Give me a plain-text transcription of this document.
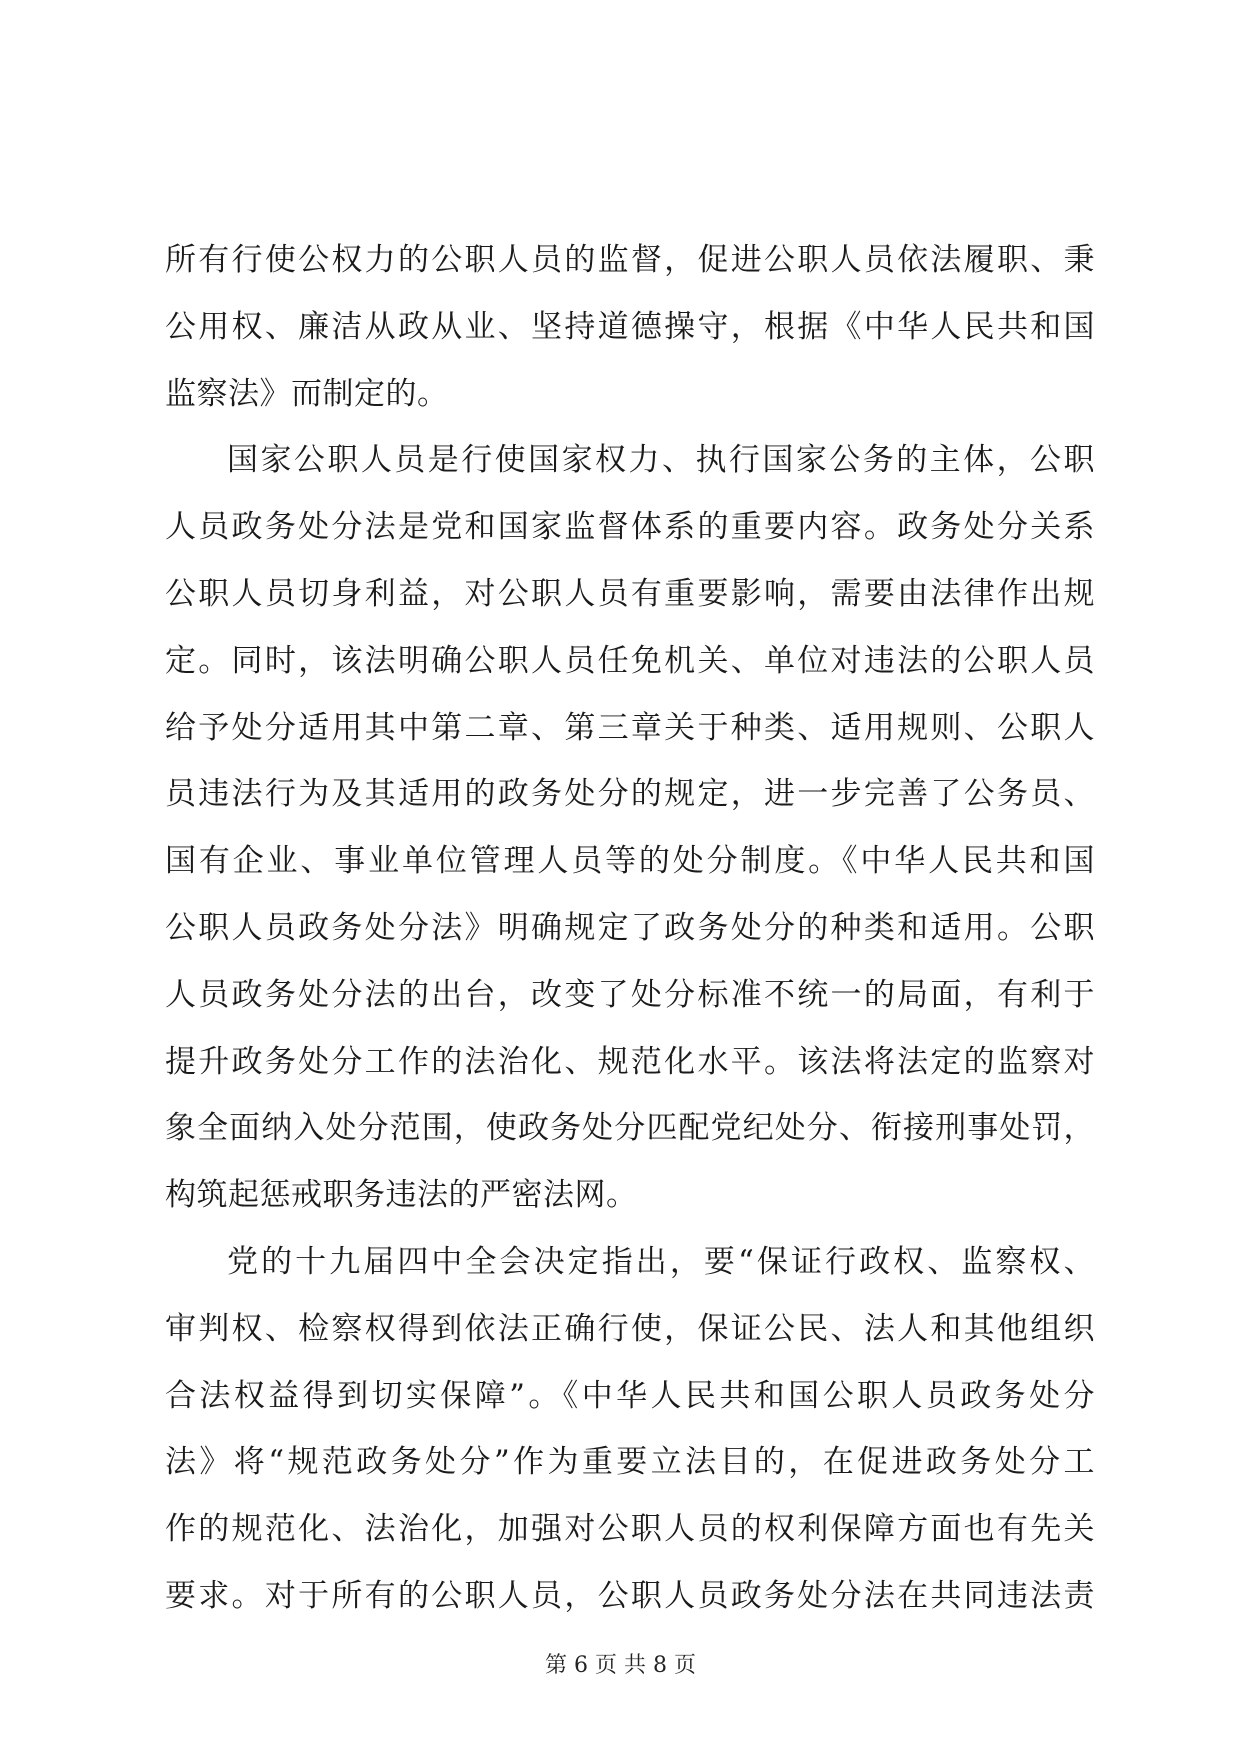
所有行使公权力的公职人员的监督，促进公职人员依法履职、秉
公用权、廉洁从政从业、坚持道德操守，根据《中华人民共和国
监察法》而制定的。
国家公职人员是行使国家权力、执行国家公务的主体，公职
人员政务处分法是党和国家监督体系的重要内容。政务处分关系
公职人员切身利益，对公职人员有重要影响，需要由法律作出规
定。同时，该法明确公职人员任免机关、单位对违法的公职人员
给予处分适用其中第二章、第三章关于种类、适用规则、公职人
员违法行为及其适用的政务处分的规定，进一步完善了公务员、
国有企业、事业单位管理人员等的处分制度。《中华人民共和国
公职人员政务处分法》明确规定了政务处分的种类和适用。公职
人员政务处分法的出台，改变了处分标准不统一的局面，有利于
提升政务处分工作的法治化、规范化水平。该法将法定的监察对
象全面纳入处分范围，使政务处分匹配党纪处分、衔接刑事处罚，
构筑起惩戒职务违法的严密法网。
党的十九届四中全会决定指出，要“保证行政权、监察权、
审判权、检察权得到依法正确行使，保证公民、法人和其他组织
合法权益得到切实保障”。《中华人民共和国公职人员政务处分
法》将“规范政务处分”作为重要立法目的，在促进政务处分工
作的规范化、法治化，加强对公职人员的权利保障方面也有先关
要求。对于所有的公职人员，公职人员政务处分法在共同违法责
第 6 页 共 8 页
